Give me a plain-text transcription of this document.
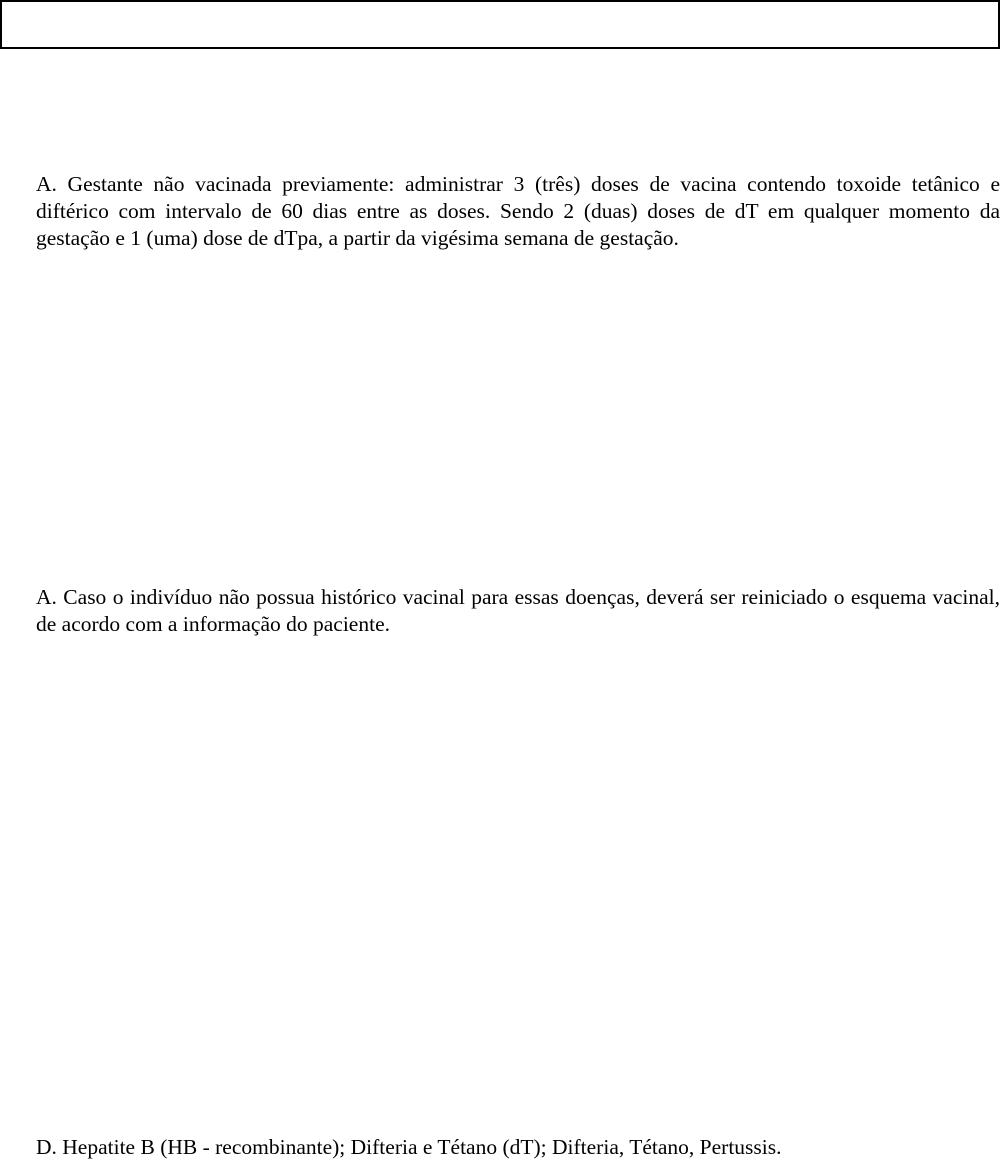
A. Gestante não vacinada previamente: administrar 3 (três) doses de vacina contendo toxoide tetânico e diftérico com intervalo de 60 dias entre as doses. Sendo 2 (duas) doses de dT em qualquer momento da gestação e 1 (uma) dose de dTpa, a partir da vigésima semana de gestação.

A. Caso o indivíduo não possua histórico vacinal para essas doenças, deverá ser reiniciado o esquema vacinal, de acordo com a informação do paciente.

D. Hepatite B (HB - recombinante); Difteria e Tétano (dT); Difteria, Tétano, Pertussis.
